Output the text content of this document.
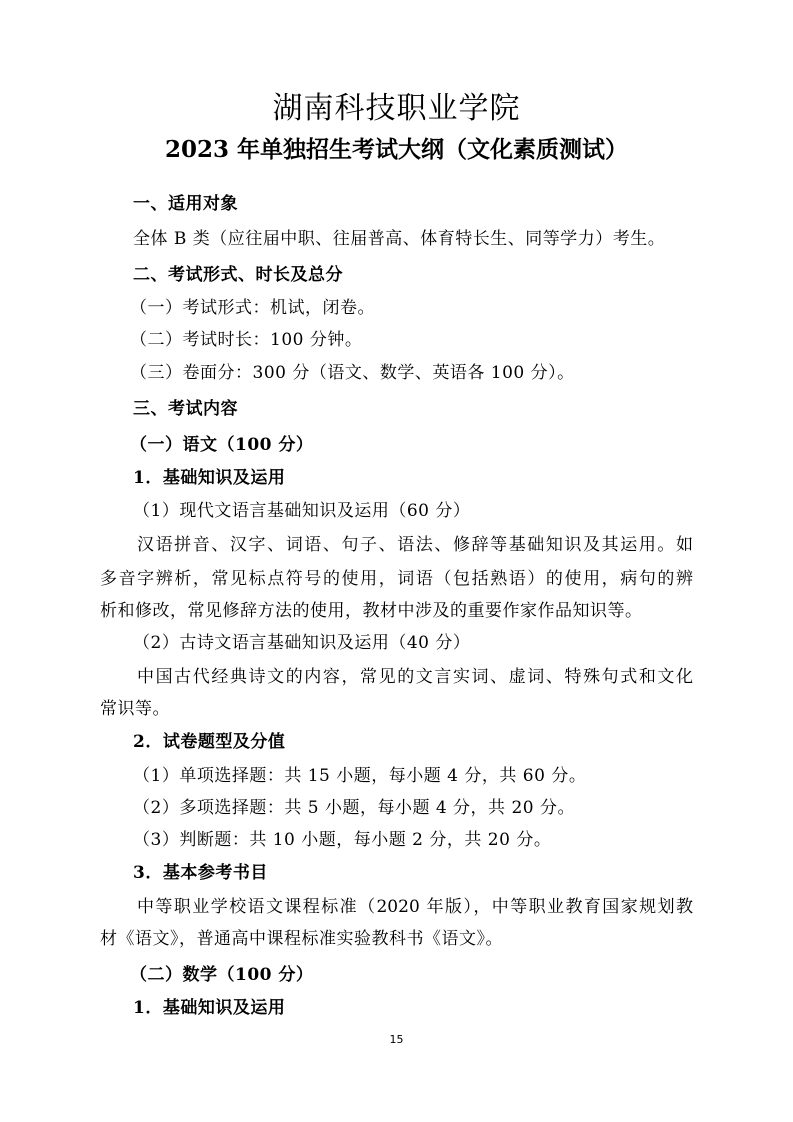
湖南科技职业学院
2023 年单独招生考试大纲（文化素质测试）
一、适用对象
全体 B 类（应往届中职、往届普高、体育特长生、同等学力）考生。
二、考试形式、时长及总分
（一）考试形式：机试，闭卷。
（二）考试时长：100 分钟。
（三）卷面分：300 分（语文、数学、英语各 100 分）。
三、考试内容
（一）语文（100 分）
1．基础知识及运用
（1）现代文语言基础知识及运用（60 分）
汉语拼音、汉字、词语、句子、语法、修辞等基础知识及其运用。如
多音字辨析，常见标点符号的使用，词语（包括熟语）的使用，病句的辨
析和修改，常见修辞方法的使用，教材中涉及的重要作家作品知识等。
（2）古诗文语言基础知识及运用（40 分）
中国古代经典诗文的内容，常见的文言实词、虚词、特殊句式和文化
常识等。
2．试卷题型及分值
（1）单项选择题：共 15 小题，每小题 4 分，共 60 分。
（2）多项选择题：共 5 小题，每小题 4 分，共 20 分。
（3）判断题：共 10 小题，每小题 2 分，共 20 分。
3．基本参考书目
中等职业学校语文课程标准（2020 年版），中等职业教育国家规划教
材《语文》，普通高中课程标准实验教科书《语文》。
（二）数学（100 分）
1．基础知识及运用
15
